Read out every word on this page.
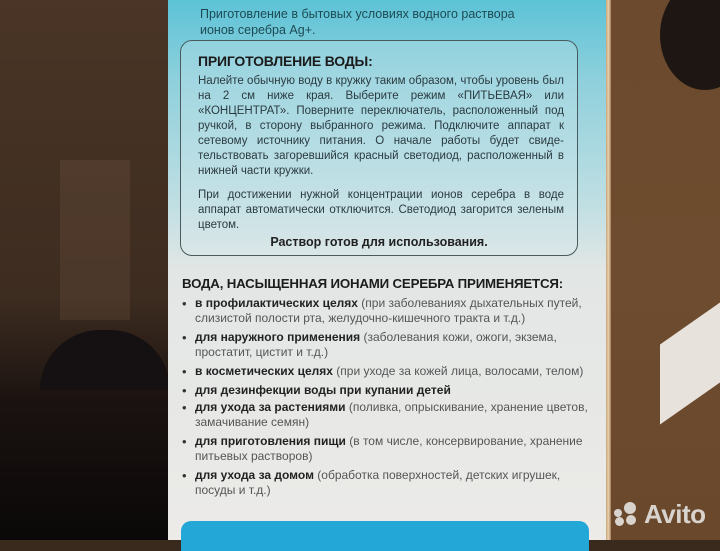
Приготовление в бытовых условиях водного раствора
ионов серебра Ag+.
ПРИГОТОВЛЕНИЕ ВОДЫ:
Налейте обычную воду в кружку таким образом, чтобы уровень был на 2 см ниже края. Выберите режим «ПИТЬЕВАЯ» или «КОНЦЕНТРАТ». Поверните переключатель, расположенный под ручкой, в сторону выбранного режима. Подключите аппарат к сетевому источнику питания. О начале работы будет свиде-тельствовать загоревшийся красный светодиод, расположенный в нижней части кружки.
При достижении нужной концентрации ионов серебра в воде аппарат автоматически отключится. Светодиод загорится зеленым цветом.
Раствор готов для использования.
ВОДА, НАСЫЩЕННАЯ ИОНАМИ СЕРЕБРА ПРИМЕНЯЕТСЯ:
• в профилактических целях (при заболеваниях дыхательных путей, слизистой полости рта, желудочно-кишечного тракта и т.д.)
• для наружного применения (заболевания кожи, ожоги, экзема, простатит, цистит и т.д.)
• в косметических целях (при уходе за кожей лица, волосами, телом)
• для дезинфекции воды при купании детей
• для ухода за растениями (поливка, опрыскивание, хранение цветов, замачивание семян)
• для приготовления пищи (в том числе, консервирование, хранение питьевых растворов)
• для ухода за домом (обработка поверхностей, детских игрушек, посуды и т.д.)
Avito
